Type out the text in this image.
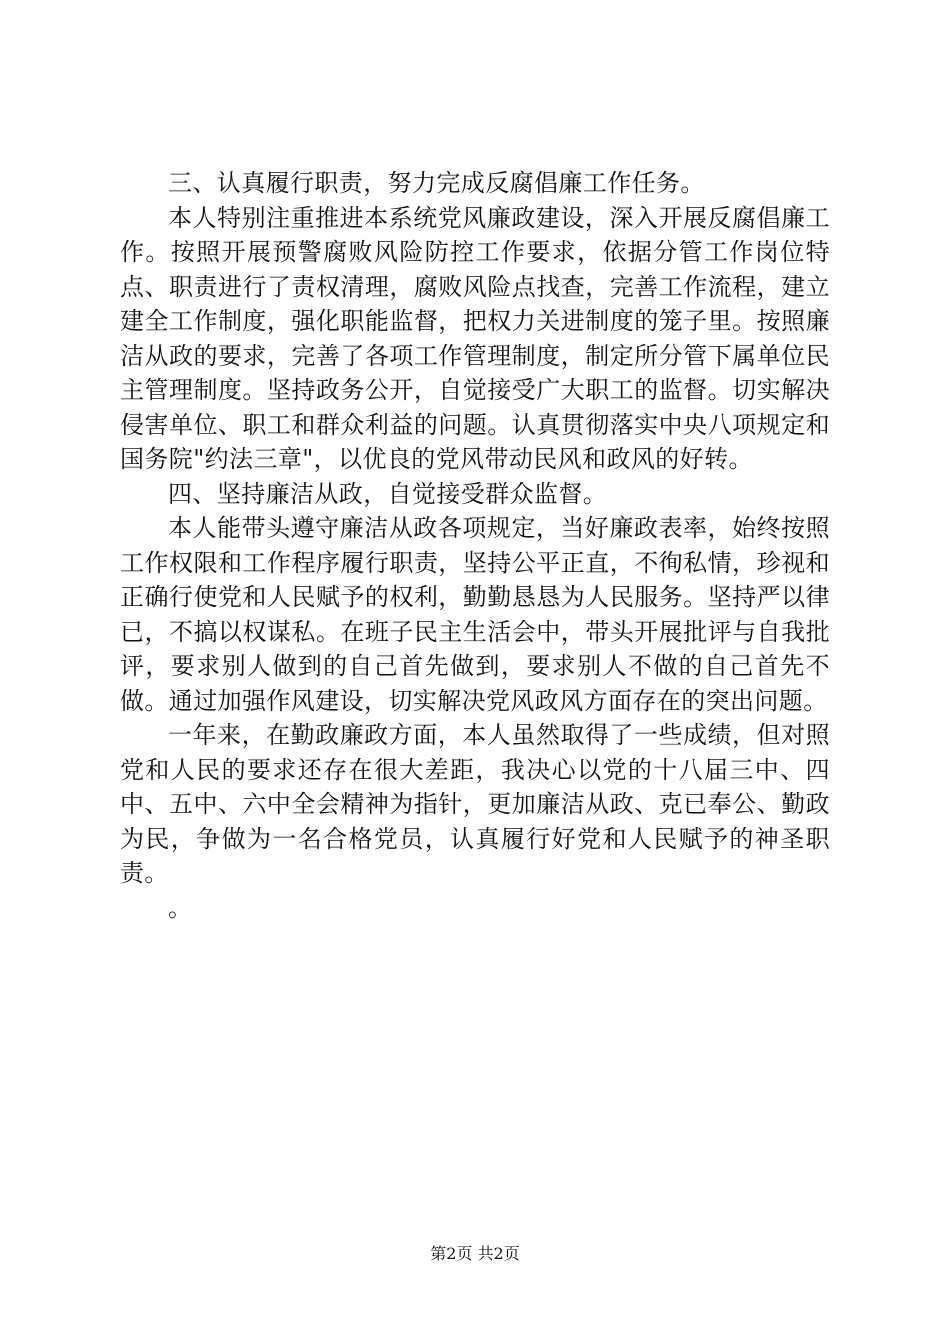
三、认真履行职责，努力完成反腐倡廉工作任务。

本人特别注重推进本系统党风廉政建设，深入开展反腐倡廉工作。按照开展预警腐败风险防控工作要求，依据分管工作岗位特点、职责进行了责权清理，腐败风险点找查，完善工作流程，建立建全工作制度，强化职能监督，把权力关进制度的笼子里。按照廉洁从政的要求，完善了各项工作管理制度，制定所分管下属单位民主管理制度。坚持政务公开，自觉接受广大职工的监督。切实解决侵害单位、职工和群众利益的问题。认真贯彻落实中央八项规定和国务院"约法三章"，以优良的党风带动民风和政风的好转。

四、坚持廉洁从政，自觉接受群众监督。

本人能带头遵守廉洁从政各项规定，当好廉政表率，始终按照工作权限和工作程序履行职责，坚持公平正直，不徇私情，珍视和正确行使党和人民赋予的权利，勤勤恳恳为人民服务。坚持严以律已，不搞以权谋私。在班子民主生活会中，带头开展批评与自我批评，要求别人做到的自己首先做到，要求别人不做的自己首先不做。通过加强作风建设，切实解决党风政风方面存在的突出问题。

一年来，在勤政廉政方面，本人虽然取得了一些成绩，但对照党和人民的要求还存在很大差距，我决心以党的十八届三中、四中、五中、六中全会精神为指针，更加廉洁从政、克已奉公、勤政为民，争做为一名合格党员，认真履行好党和人民赋予的神圣职责。

。

第2页 共2页
